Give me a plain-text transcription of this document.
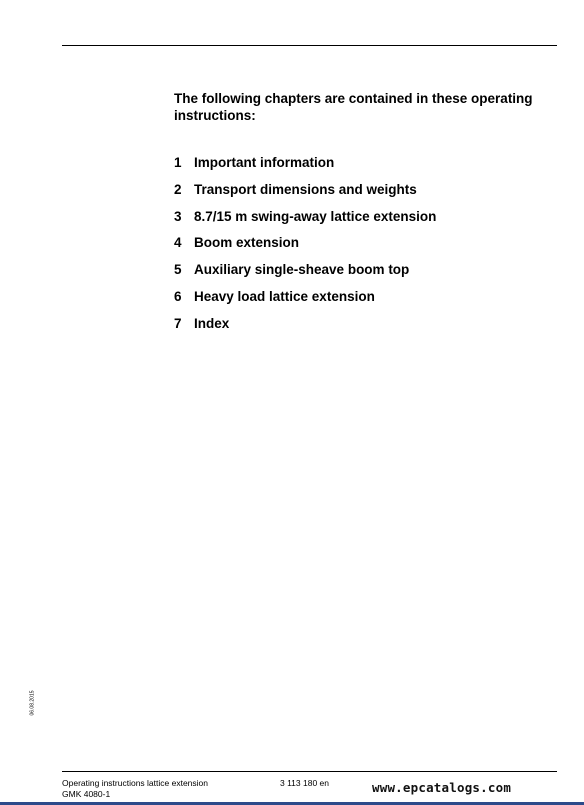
The following chapters are contained in these operating
instructions:
1 Important information
2 Transport dimensions and weights
3 8.7/15 m swing-away lattice extension
4 Boom extension
5 Auxiliary single-sheave boom top
6 Heavy load lattice extension
7 Index
06.08.2015
Operating instructions lattice extension
GMK 4080-1
3 113 180 en	www.epcatalogs.com
